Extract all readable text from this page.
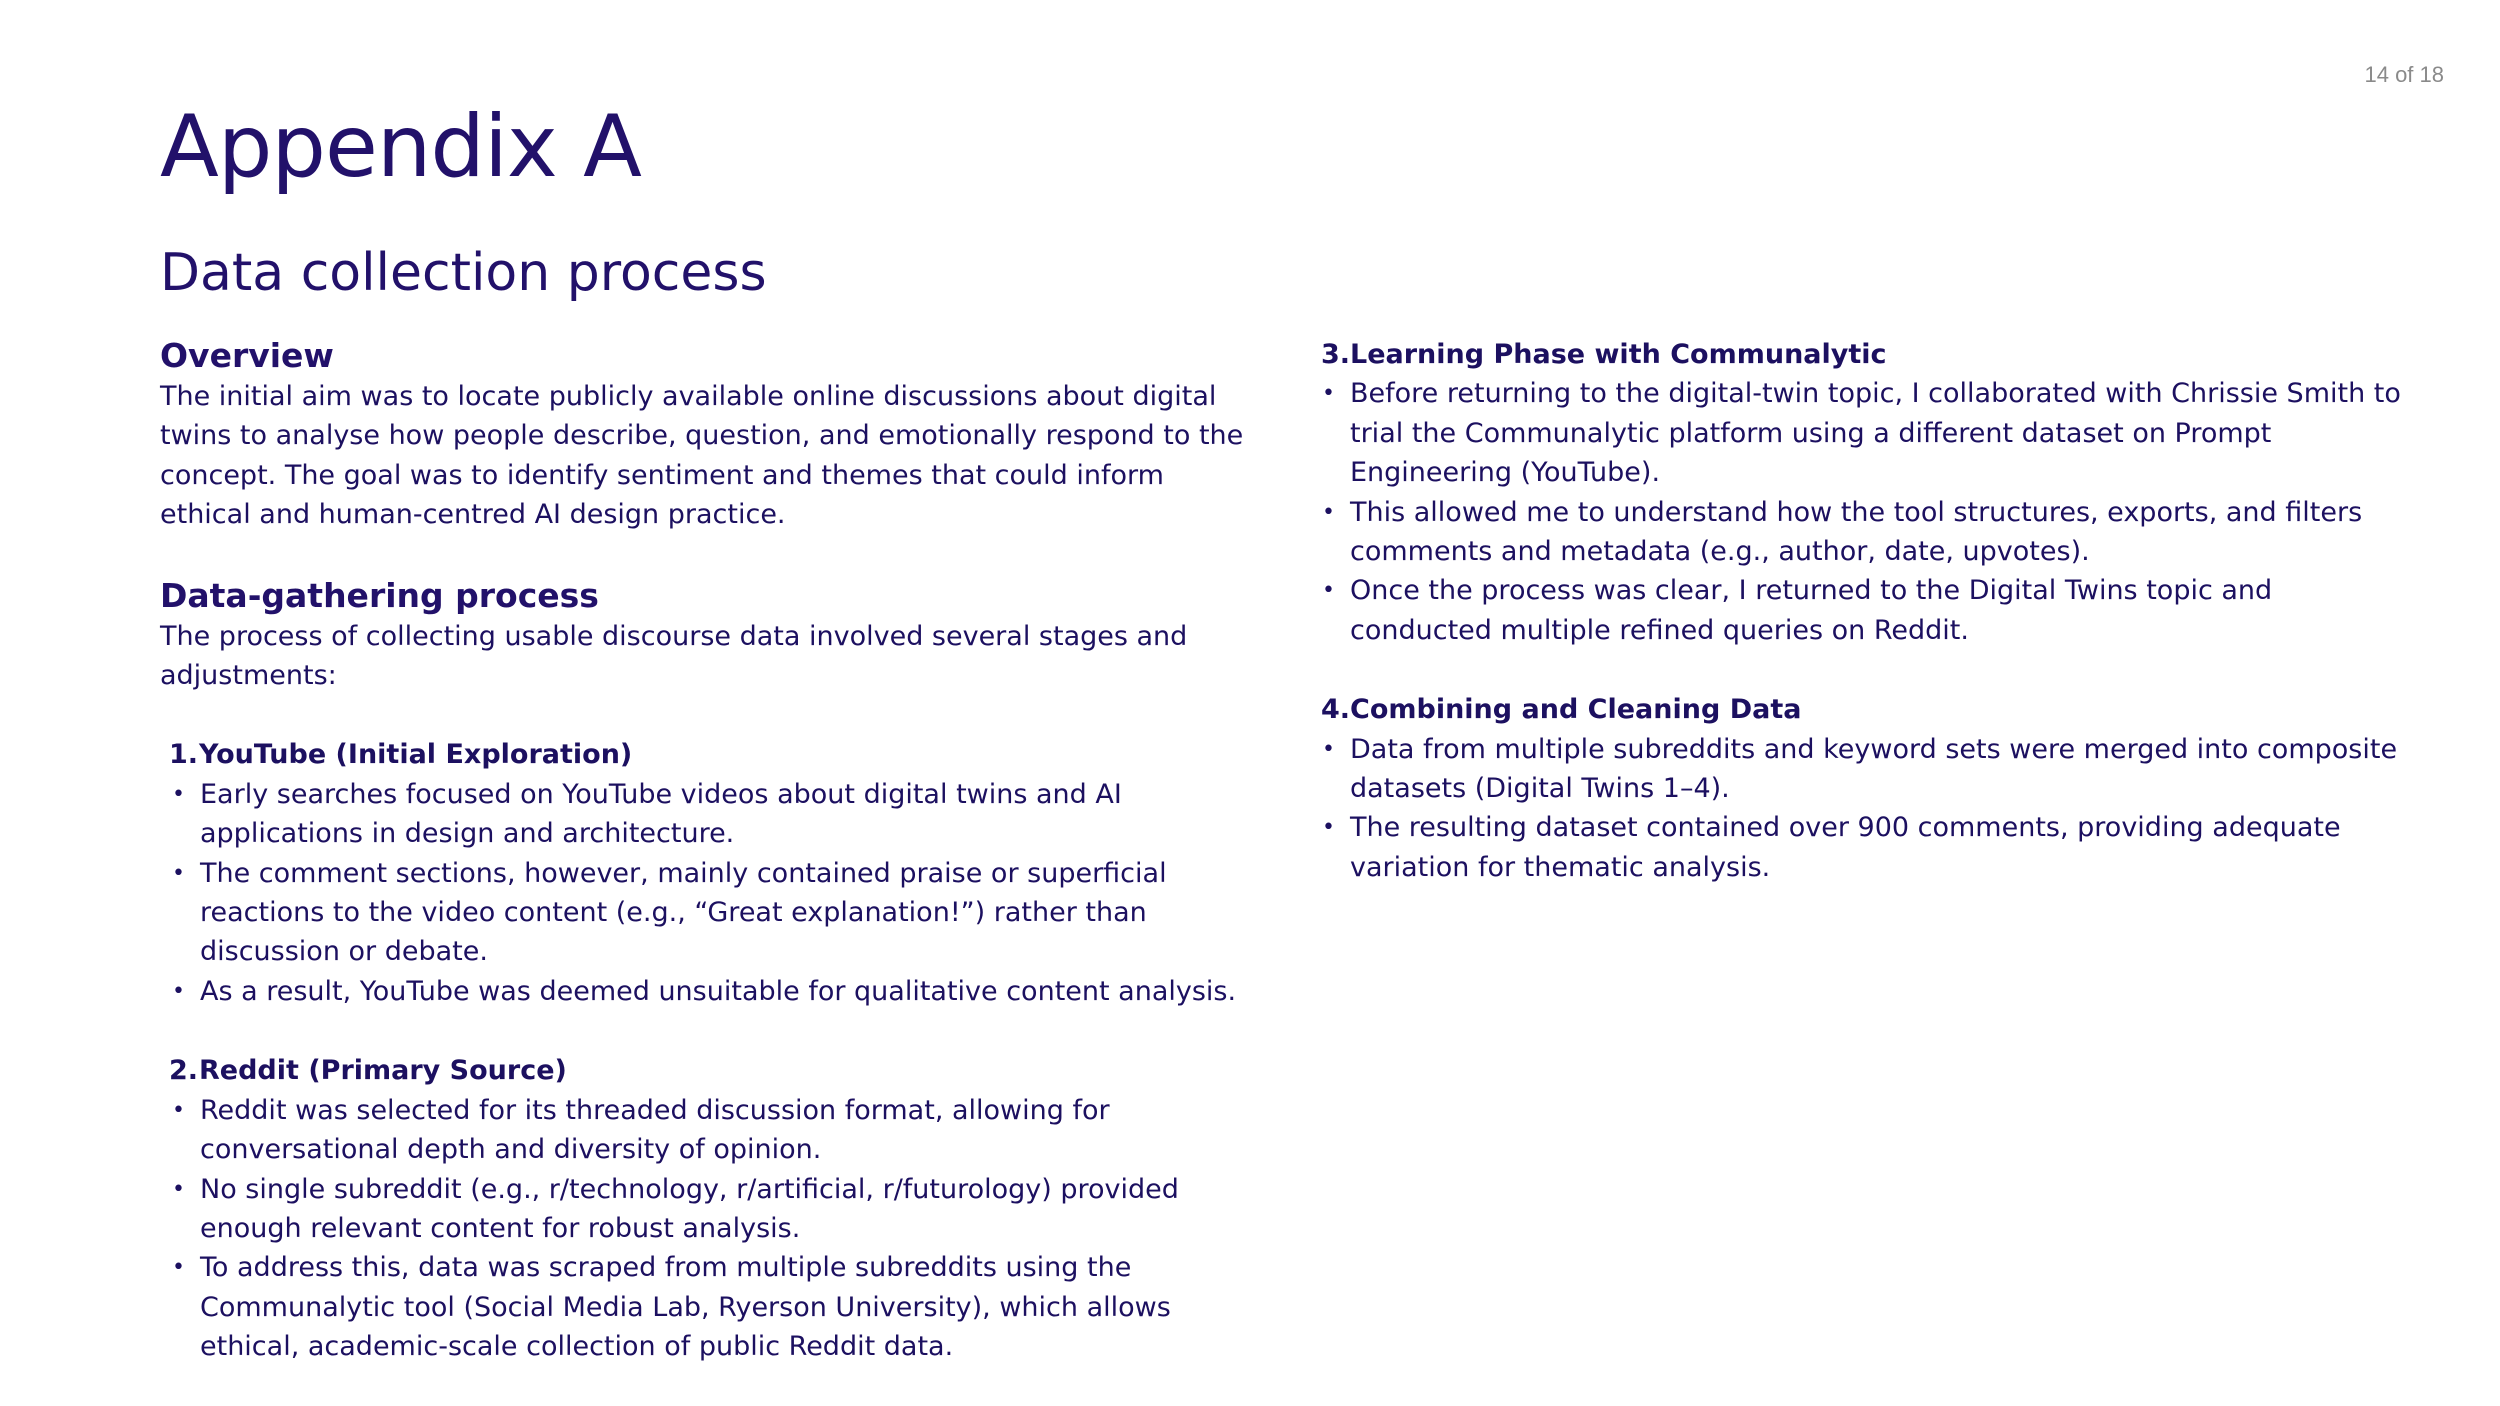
14 of 18
Appendix A
Data collection process
Overview

The initial aim was to locate publicly available online discussions about digital twins to analyse how people describe, question, and emotionally respond to the concept. The goal was to identify sentiment and themes that could inform ethical and human-centred AI design practice.

Data-gathering process

The process of collecting usable discourse data involved several stages and adjustments:

1. YouTube (Initial Exploration)
• Early searches focused on YouTube videos about digital twins and AI applications in design and architecture.
• The comment sections, however, mainly contained praise or superficial reactions to the video content (e.g., “Great explanation!”) rather than discussion or debate.
• As a result, YouTube was deemed unsuitable for qualitative content analysis.
2. Reddit (Primary Source)
• Reddit was selected for its threaded discussion format, allowing for conversational depth and diversity of opinion.
• No single subreddit (e.g., r/technology, r/artificial, r/futurology) provided enough relevant content for robust analysis.
• To address this, data was scraped from multiple subreddits using the Communalytic tool (Social Media Lab, Ryerson University), which allows ethical, academic-scale collection of public Reddit data.
3. Learning Phase with Communalytic
• Before returning to the digital-twin topic, I collaborated with Chrissie Smith to trial the Communalytic platform using a different dataset on Prompt Engineering (YouTube).
• This allowed me to understand how the tool structures, exports, and filters comments and metadata (e.g., author, date, upvotes).
• Once the process was clear, I returned to the Digital Twins topic and conducted multiple refined queries on Reddit.
4. Combining and Cleaning Data
• Data from multiple subreddits and keyword sets were merged into composite datasets (Digital Twins 1–4).
• The resulting dataset contained over 900 comments, providing adequate variation for thematic analysis.
